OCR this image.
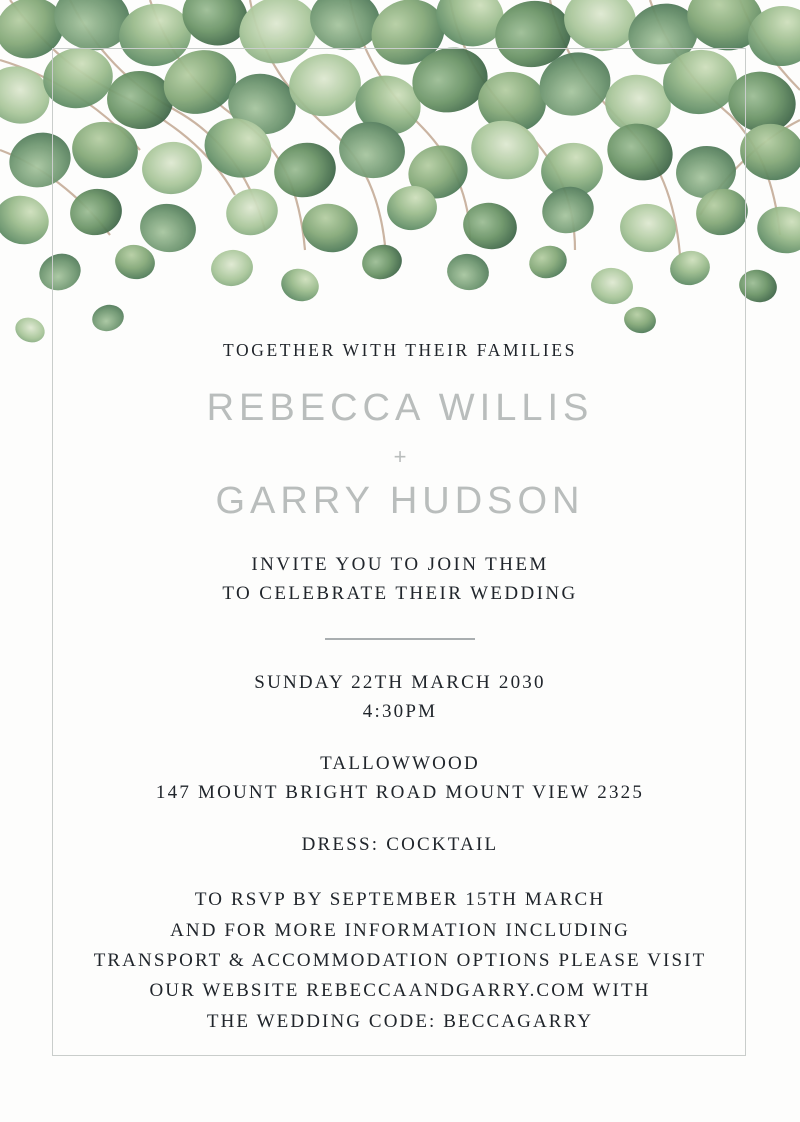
TOGETHER WITH THEIR FAMILIES
REBECCA WILLIS
+
GARRY HUDSON
INVITE YOU TO JOIN THEM
TO CELEBRATE THEIR WEDDING
SUNDAY 22TH MARCH 2030
4:30PM
TALLOWWOOD
147 MOUNT BRIGHT ROAD MOUNT VIEW 2325
DRESS: COCKTAIL
TO RSVP BY SEPTEMBER 15TH MARCH
AND FOR MORE INFORMATION INCLUDING
TRANSPORT & ACCOMMODATION OPTIONS PLEASE VISIT
OUR WEBSITE REBECCAANDGARRY.COM WITH
THE WEDDING CODE: BECCAGARRY
